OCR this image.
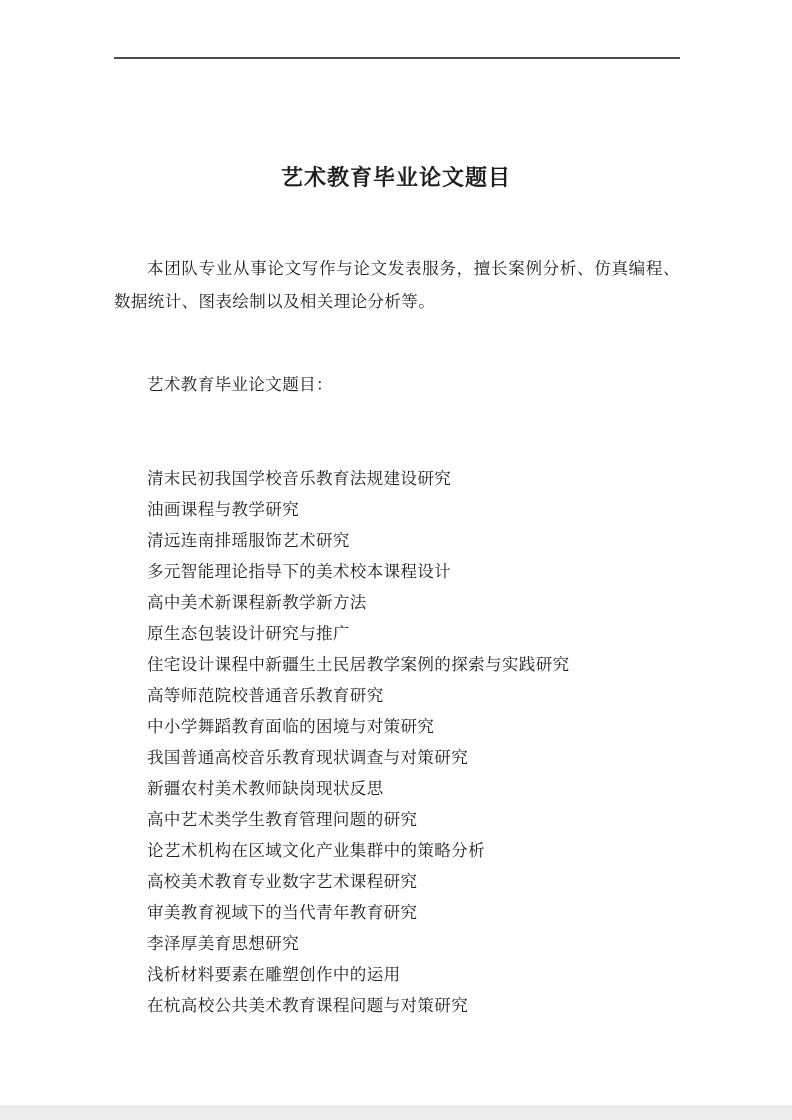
艺术教育毕业论文题目

本团队专业从事论文写作与论文发表服务，擅长案例分析、仿真编程、数据统计、图表绘制以及相关理论分析等。

艺术教育毕业论文题目：

清末民初我国学校音乐教育法规建设研究
油画课程与教学研究
清远连南排瑶服饰艺术研究
多元智能理论指导下的美术校本课程设计
高中美术新课程新教学新方法
原生态包装设计研究与推广
住宅设计课程中新疆生土民居教学案例的探索与实践研究
高等师范院校普通音乐教育研究
中小学舞蹈教育面临的困境与对策研究
我国普通高校音乐教育现状调查与对策研究
新疆农村美术教师缺岗现状反思
高中艺术类学生教育管理问题的研究
论艺术机构在区域文化产业集群中的策略分析
高校美术教育专业数字艺术课程研究
审美教育视域下的当代青年教育研究
李泽厚美育思想研究
浅析材料要素在雕塑创作中的运用
在杭高校公共美术教育课程问题与对策研究
